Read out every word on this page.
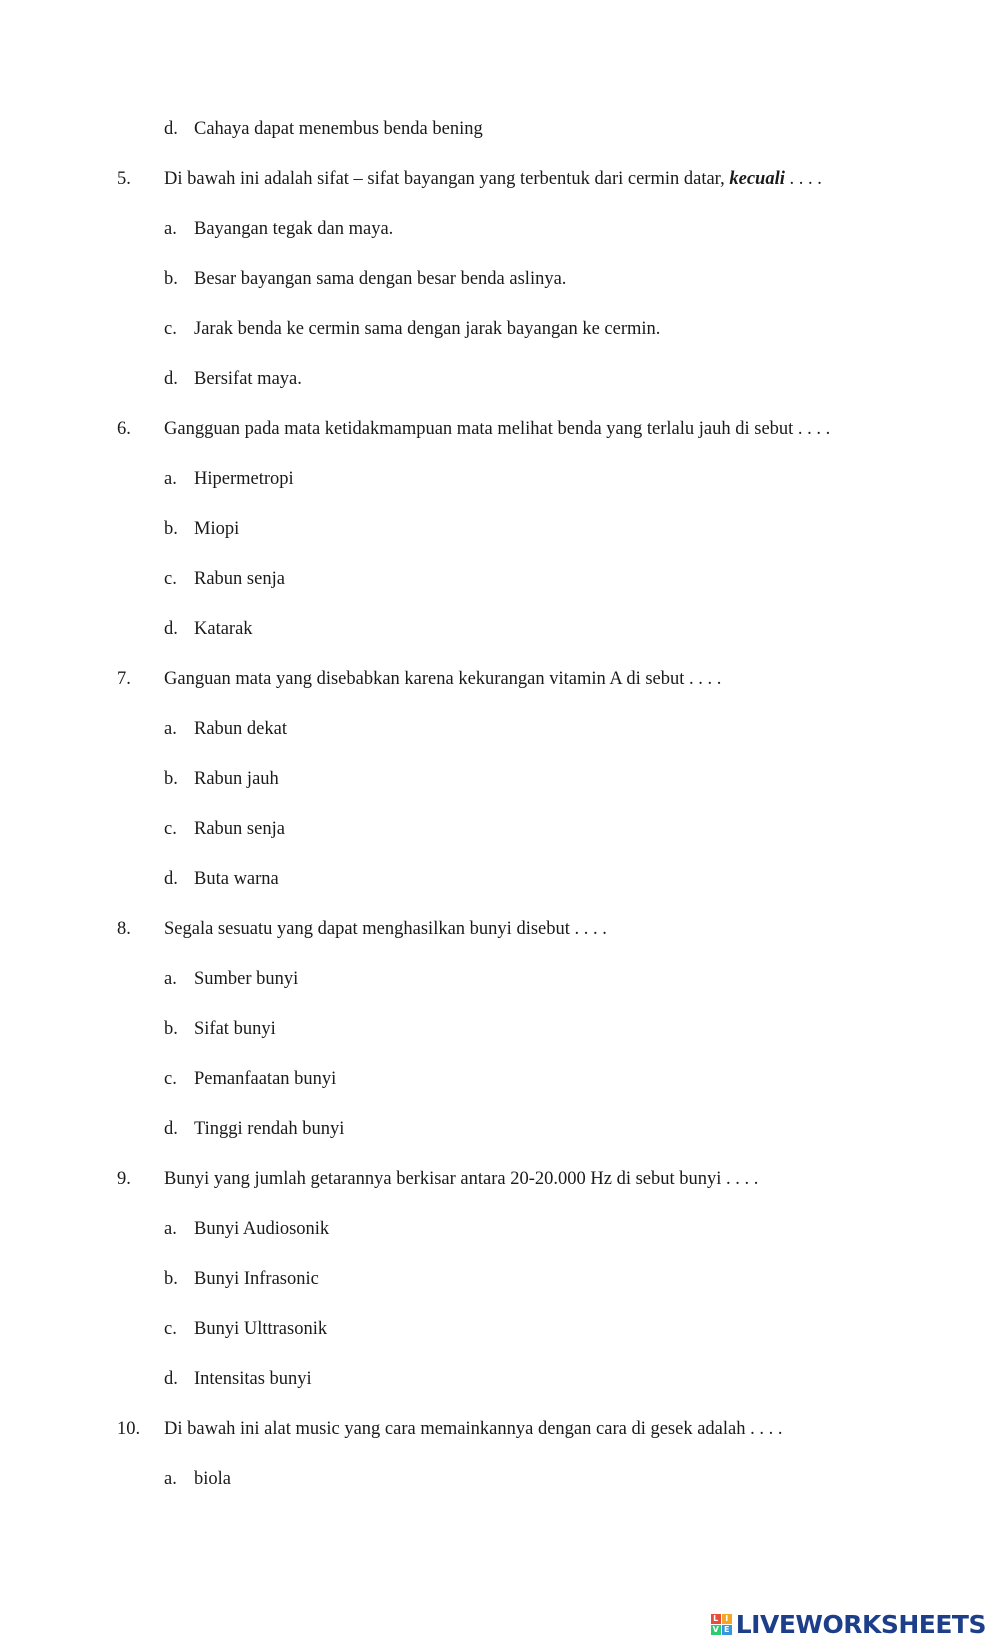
d. Cahaya dapat menembus benda bening
5. Di bawah ini adalah sifat – sifat bayangan yang terbentuk dari cermin datar, kecuali . . . .
a. Bayangan tegak dan maya.
b. Besar bayangan sama dengan besar benda aslinya.
c. Jarak benda ke cermin sama dengan jarak bayangan ke cermin.
d. Bersifat maya.
6. Gangguan pada mata ketidakmampuan mata melihat benda yang terlalu jauh di sebut . . . .
a. Hipermetropi
b. Miopi
c. Rabun senja
d. Katarak
7. Ganguan mata yang disebabkan karena kekurangan vitamin A di sebut . . . .
a. Rabun dekat
b. Rabun jauh
c. Rabun senja
d. Buta warna
8. Segala sesuatu yang dapat menghasilkan bunyi disebut . . . .
a. Sumber bunyi
b. Sifat bunyi
c. Pemanfaatan bunyi
d. Tinggi rendah bunyi
9. Bunyi yang jumlah getarannya berkisar antara 20-20.000 Hz di sebut bunyi . . . .
a. Bunyi Audiosonik
b. Bunyi Infrasonic
c. Bunyi Ulttrasonik
d. Intensitas bunyi
10. Di bawah ini alat music yang cara memainkannya dengan cara di gesek adalah . . . .
a. biola
L I
V E LIVEWORKSHEETS
